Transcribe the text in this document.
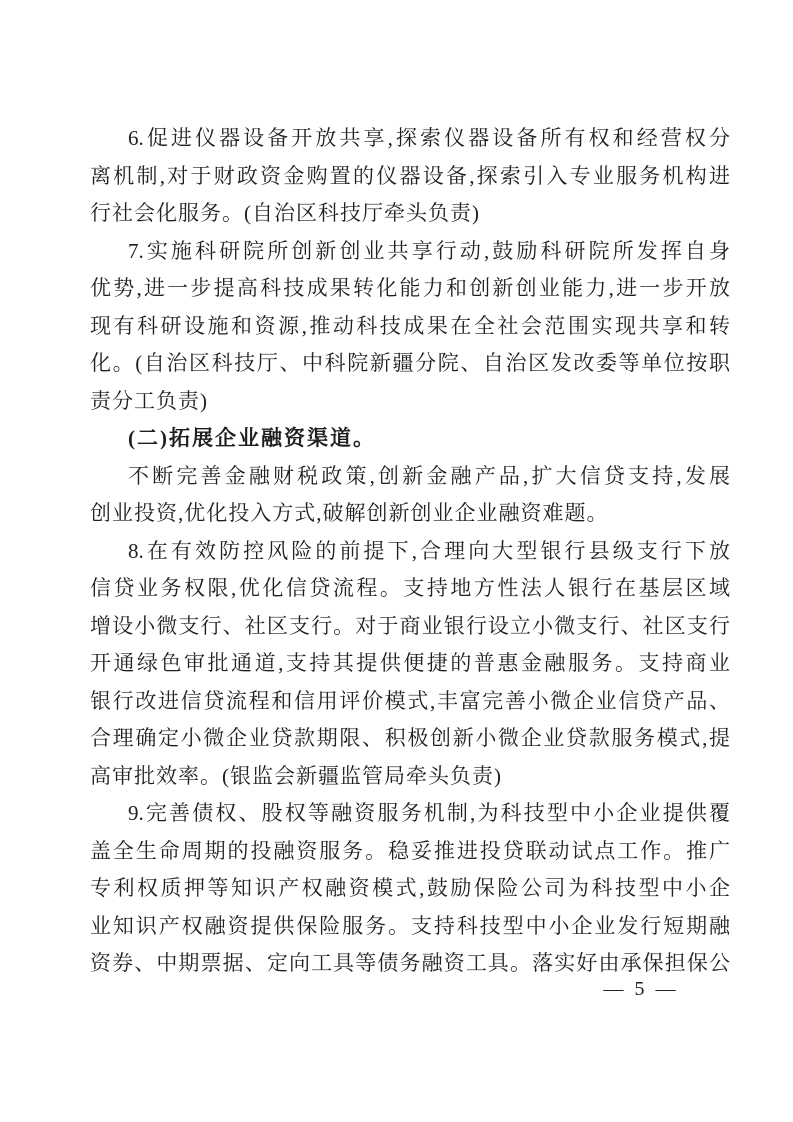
6.促进仪器设备开放共享,探索仪器设备所有权和经营权分
离机制,对于财政资金购置的仪器设备,探索引入专业服务机构进
行社会化服务。(自治区科技厅牵头负责)
7.实施科研院所创新创业共享行动,鼓励科研院所发挥自身
优势,进一步提高科技成果转化能力和创新创业能力,进一步开放
现有科研设施和资源,推动科技成果在全社会范围实现共享和转
化。(自治区科技厅、中科院新疆分院、自治区发改委等单位按职
责分工负责)
(二)拓展企业融资渠道。
不断完善金融财税政策,创新金融产品,扩大信贷支持,发展
创业投资,优化投入方式,破解创新创业企业融资难题。
8.在有效防控风险的前提下,合理向大型银行县级支行下放
信贷业务权限,优化信贷流程。支持地方性法人银行在基层区域
增设小微支行、社区支行。对于商业银行设立小微支行、社区支行
开通绿色审批通道,支持其提供便捷的普惠金融服务。支持商业
银行改进信贷流程和信用评价模式,丰富完善小微企业信贷产品、
合理确定小微企业贷款期限、积极创新小微企业贷款服务模式,提
高审批效率。(银监会新疆监管局牵头负责)
9.完善债权、股权等融资服务机制,为科技型中小企业提供覆
盖全生命周期的投融资服务。稳妥推进投贷联动试点工作。推广
专利权质押等知识产权融资模式,鼓励保险公司为科技型中小企
业知识产权融资提供保险服务。支持科技型中小企业发行短期融
资券、中期票据、定向工具等债务融资工具。落实好由承保担保公
— 5 —
